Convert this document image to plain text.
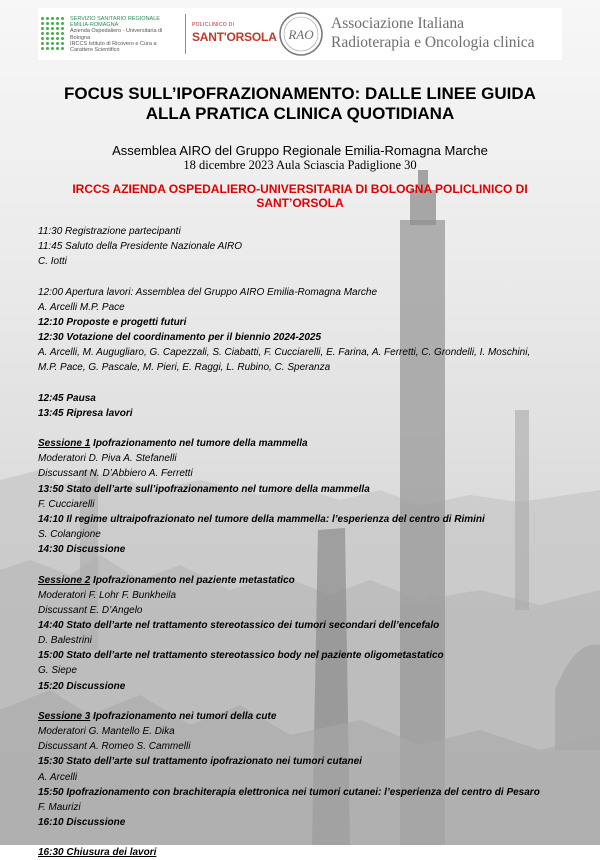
SERVIZIO SANITARIO REGIONALE
EMILIA-ROMAGNA
Azienda Ospedaliero - Universitaria di Bologna
IRCCS Istituto di Ricovero e Cura a Carattere Scientifico
POLICLINICO DI
SANT'ORSOLA RAO
Associazione Italiana
Radioterapia e Oncologia clinica
FOCUS SULL’IPOFRAZIONAMENTO: DALLE LINEE GUIDA
ALLA PRATICA CLINICA QUOTIDIANA
Assemblea AIRO del Gruppo Regionale Emilia-Romagna Marche
18 dicembre 2023 Aula Sciascia Padiglione 30
IRCCS AZIENDA OSPEDALIERO-UNIVERSITARIA DI BOLOGNA POLICLINICO DI
SANT’ORSOLA
11:30 Registrazione partecipanti
11:45 Saluto della Presidente Nazionale AIRO
C. Iotti
12:00 Apertura lavori: Assemblea del Gruppo AIRO Emilia-Romagna Marche
A. Arcelli M.P. Pace
12:10 Proposte e progetti futuri
12:30 Votazione del coordinamento per il biennio 2024-2025
A. Arcelli, M. Augugliaro, G. Capezzali, S. Ciabatti, F. Cucciarelli, E. Farina, A. Ferretti, C. Grondelli, I. Moschini,
M.P. Pace, G. Pascale, M. Pieri, E. Raggi, L. Rubino, C. Speranza
12:45 Pausa
13:45 Ripresa lavori
Sessione 1 Ipofrazionamento nel tumore della mammella
Moderatori D. Piva A. Stefanelli
Discussant N. D’Abbiero A. Ferretti
13:50 Stato dell’arte sull’ipofrazionamento nel tumore della mammella
F. Cucciarelli
14:10 Il regime ultraipofrazionato nel tumore della mammella: l’esperienza del centro di Rimini
S. Colangione
14:30 Discussione
Sessione 2 Ipofrazionamento nel paziente metastatico
Moderatori F. Lohr F. Bunkheila
Discussant E. D’Angelo
14:40 Stato dell’arte nel trattamento stereotassico dei tumori secondari dell’encefalo
D. Balestrini
15:00 Stato dell’arte nel trattamento stereotassico body nel paziente oligometastatico
G. Siepe
15:20 Discussione
Sessione 3 Ipofrazionamento nei tumori della cute
Moderatori G. Mantello E. Dika
Discussant A. Romeo S. Cammelli
15:30 Stato dell’arte sul trattamento ipofrazionato nei tumori cutanei
A. Arcelli
15:50 Ipofrazionamento con brachiterapia elettronica nei tumori cutanei: l’esperienza del centro di Pesaro
F. Maurizi
16:10 Discussione
16:30 Chiusura dei lavori
